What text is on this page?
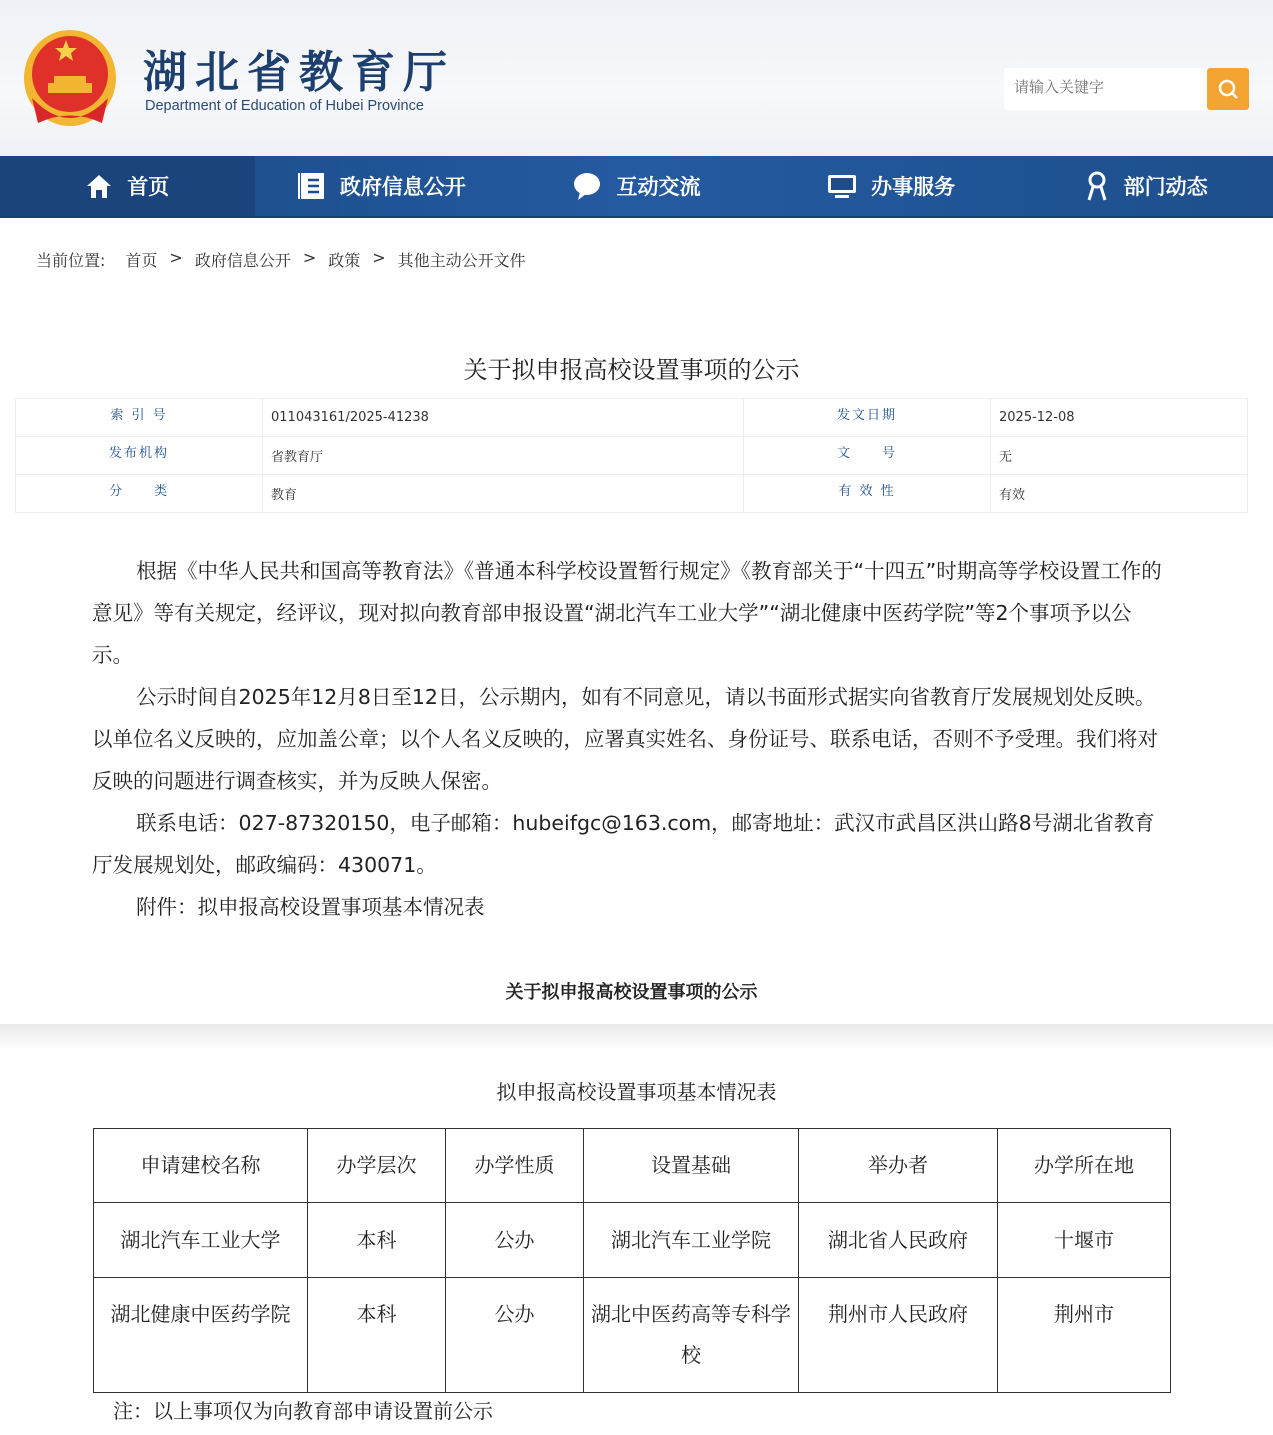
湖北省教育厅
Department of Education of Hubei Province
请输入关键字
首页	政府信息公开	互动交流	办事服务	部门动态
当前位置: 首页 > 政府信息公开 > 政策 > 其他主动公开文件
关于拟申报高校设置事项的公示
索 引 号	011043161/2025-41238	发文日期	2025-12-08
发布机构	省教育厅	文　　号	无
分　　类	教育	有 效 性	有效

根据《中华人民共和国高等教育法》《普通本科学校设置暂行规定》《教育部关于“十四五”时期高等学校设置工作的意见》等有关规定，经评议，现对拟向教育部申报设置“湖北汽车工业大学”“湖北健康中医药学院”等2个事项予以公示。

公示时间自2025年12月8日至12日，公示期内，如有不同意见，请以书面形式据实向省教育厅发展规划处反映。以单位名义反映的，应加盖公章；以个人名义反映的，应署真实姓名、身份证号、联系电话，否则不予受理。我们将对反映的问题进行调查核实，并为反映人保密。

联系电话：027-87320150，电子邮箱：hubeifgc@163.com，邮寄地址：武汉市武昌区洪山路8号湖北省教育厅发展规划处，邮政编码：430071。

附件：拟申报高校设置事项基本情况表

关于拟申报高校设置事项的公示
拟申报高校设置事项基本情况表
申请建校名称	办学层次	办学性质	设置基础	举办者	办学所在地
湖北汽车工业大学	本科	公办	湖北汽车工业学院	湖北省人民政府	十堰市
湖北健康中医药学院	本科	公办	湖北中医药高等专科学校	荆州市人民政府	荆州市
注：以上事项仅为向教育部申请设置前公示
